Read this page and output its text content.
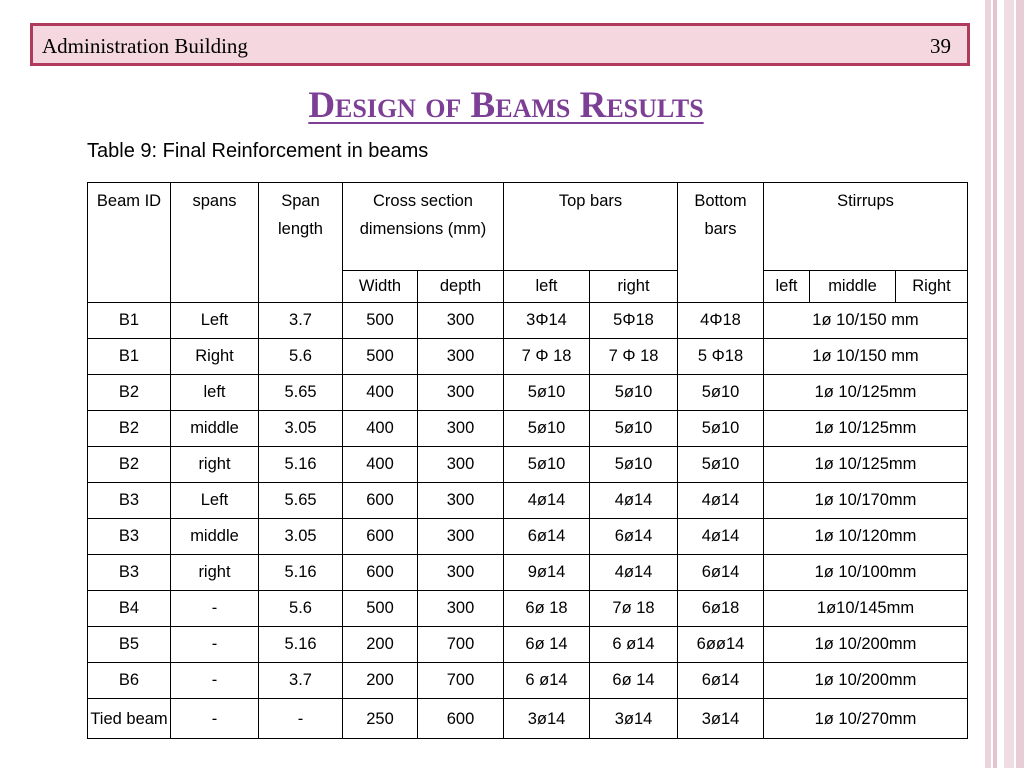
Administration Building	39
Design of Beams Results
Table 9: Final Reinforcement in beams
Beam ID	spans	Span length	Cross section dimensions (mm)		Top bars		Bottom bars	Stirrups		
			Width	depth	left	right		left	middle	Right
B1	Left	3.7	500	300	3Φ14	5Φ18	4Φ18	1ø 10/150 mm		
B1	Right	5.6	500	300	7 Φ 18	7 Φ 18	5 Φ18	1ø 10/150 mm		
B2	left	5.65	400	300	5ø10	5ø10	5ø10	1ø 10/125mm		
B2	middle	3.05	400	300	5ø10	5ø10	5ø10	1ø 10/125mm		
B2	right	5.16	400	300	5ø10	5ø10	5ø10	1ø 10/125mm		
B3	Left	5.65	600	300	4ø14	4ø14	4ø14	1ø 10/170mm		
B3	middle	3.05	600	300	6ø14	6ø14	4ø14	1ø 10/120mm		
B3	right	5.16	600	300	9ø14	4ø14	6ø14	1ø 10/100mm		
B4	-	5.6	500	300	6ø 18	7ø 18	6ø18	1ø10/145mm		
B5	-	5.16	200	700	6ø 14	6 ø14	6øø14	1ø 10/200mm		
B6	-	3.7	200	700	6 ø14	6ø 14	6ø14	1ø 10/200mm		
Tied beam	-	-	250	600	3ø14	3ø14	3ø14	1ø 10/270mm		
